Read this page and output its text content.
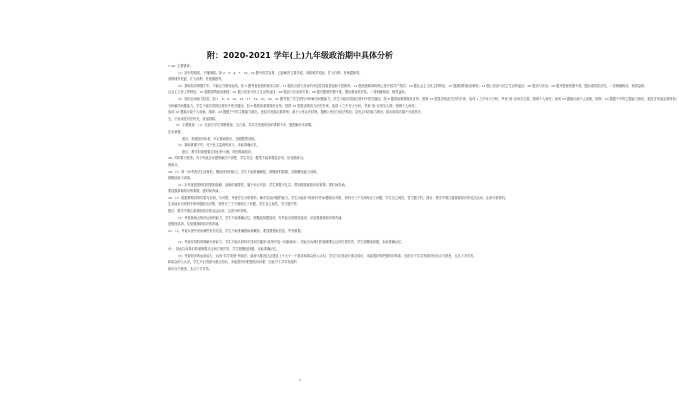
附：2020-2021 学年(上)九年级政治期中具体分析
1-26. 主要错误：
（1）常识型错误，不懂择隙，如 2、3、4、7、19、22 题中同学容易，已经解决主要矛盾、消除城乡差距、扩大权利、杜绝腐败等。
消除城乡差距、扩大权利、杜绝腐败等。
（2）基础知识掌握不牢，不能区分错误选项。如 5 题考查发展的根本目的；11 题综合国力竞争的决定性因素是创新不是教育；12 题民族精神的核心是中国共产党的；14 题社会主义民主的特征；15 题我国的政治制度；21 题公民参与民主生活的途径；26 题治与法治；28 题对题意把握不准，题治重视依法性。二者相辅相成、相得益彰。
社会主义民主的特征；15 题我国的政治制度；21 题公民参与民主生活的途径；26 题治与法治的关系；28 题对题意把握不准，题治重视依法性。二者相辅相成、相得益彰。
（3）知识运用能力较差。如 1、6、8、10、13、17、19、23、24、25 题考查了学生材料分析解决问题能力，学生不能有效抓住材料中的关键词，如 6 题看似重要做好宣传；排除 13 题是讲规范方法的总章，选项 1 之中对大分析，考查“他”应该怎么做；强调个人角度；选项 23 题搞行政个人成就，排除；23 题题干中的主题能力做出，是经济发展必要规划；
分析解决问题能力，学生不能有效抓住材料中的关键词，如 6 题看似重要做好宣传；排除 13 题是讲规范方法的总章，选项 1 之中对大分析，考查“他”应该怎么做；强调个人角度；
选项 23 题搞行政个人成就，排除；23 题题干中的主题能力做出，是经济发展必要规划；源于公民合法权利，提醒公民应当依法维权；没有主体的能力做出，搞行政执法属于行政机关；
关；⑥选项是司法机关，直接排除。
27. 主要错误：（1）在部分学生判断错误，交白卷，对共享发展的知识掌握不牢，题型解法未掌握。
法未掌握。
建议：构建知识体系，牢记基础知识，加强题型训练。
（2）基础掌握不牢，对于民主监督的意义，未能准确记忆。
建议：教学时加强要点知识的小测，巩固基础知识。
28. 对时事不熟悉，对于时政点评题的解法不清楚，学生对这一题型不能掌握及应用，应加强练习。
强练习。
29.（1）第一问考查学生读材料，概括材料的能力，学生不能准确概括，照搬材料数据，加强概括能力训练。
强概括能力训练。
（2）本考查我国科技国情和战略、创新的重要性，属于识记内容，学生掌握不扎实，要加强基础知识的掌握，需时间背诵。
要加强基础知识的掌握，需时间背诵。
30.（1）根据观察到的结果写东西，写对策，考查学生分析材料，解决实际问题的能力，学生未能针对材料中的问题给出对策，材料分三个方面给出了问题，学生自己间答，答与题不符，建议：教学中要注重基础知识的灵活运用，注意分析材料。
生未能针对材料中的问题给出对策，材料分三个方面给出了问题，学生自己间答，答与题不符，
建议：教学中要注重基础知识的灵活运用，注意分析材料。
（2）考查基础点知识运用的能力，学生不能准确记忆，照搬选择题选项，有些甚至是错误选项，应加强基础知识的背诵。
是错误选项，应加强基础知识的背诵。
31.（1）考查从图中获取哪些有效信息，学生不能准确提取和概括，要加强提取信息，罗列数据。
（2）考查对材料的理解分析能力，学生不能从材料中找到关键词“改革开放”“创新驱动”，因此告诉我们的道理要从这两方面作答，学生照搬选择题，未能准确记忆。
动”，因此告诉我们的道理要从这两方面作答，学生照搬选择题，未能准确记忆。
（3）考查知识的运用能力，运用“共享发展”的知识，政府为推进社会建设上不大于一个要求和群众的人认识。学生只记得部分重点知识，未能很好的把握知识体系，因此对于共享发展的知识点不熟悉，无从下手作答。
和群众的人认识。学生只记得部分重点知识，未能很好的把握知识体系，因此对于共享发展的
知识点不熟悉，无从下手作答。
7
